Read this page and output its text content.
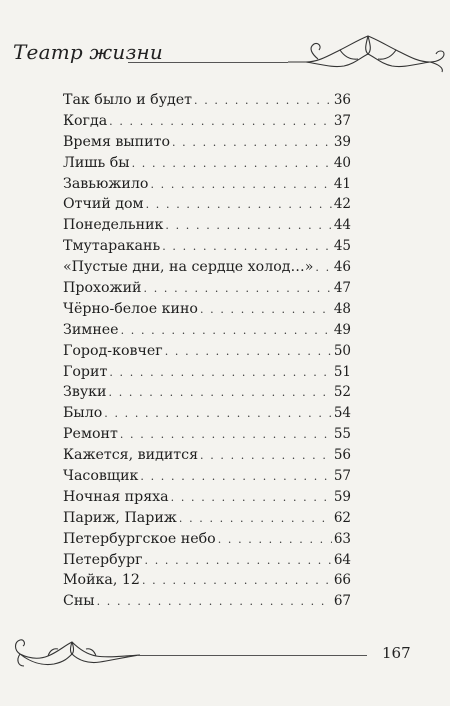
Театр жизни
Так было и будет . . .	36
Когда . . .	37
Время выпито . . .	39
Лишь бы . . .	40
Завьюжило . . .	41
Отчий дом . . .	42
Понедельник . . .	44
Тмутаракань . . .	45
«Пустые дни, на сердце холод…» . . . 46
Прохожий . . .	47
Чёрно-белое кино . . .	48
Зимнее . . .	49
Город-ковчег . . .	50
Горит . . .	51
Звуки . . .	52
Было . . .	54
Ремонт . . .	55
Кажется, видится . . .	56
Часовщик . . .	57
Ночная пряха . . .	59
Париж, Париж . . .	62
Петербургское небо . . .	63
Петербург . . .	64
Мойка, 12 . . .	66
Сны . . .	67
167
